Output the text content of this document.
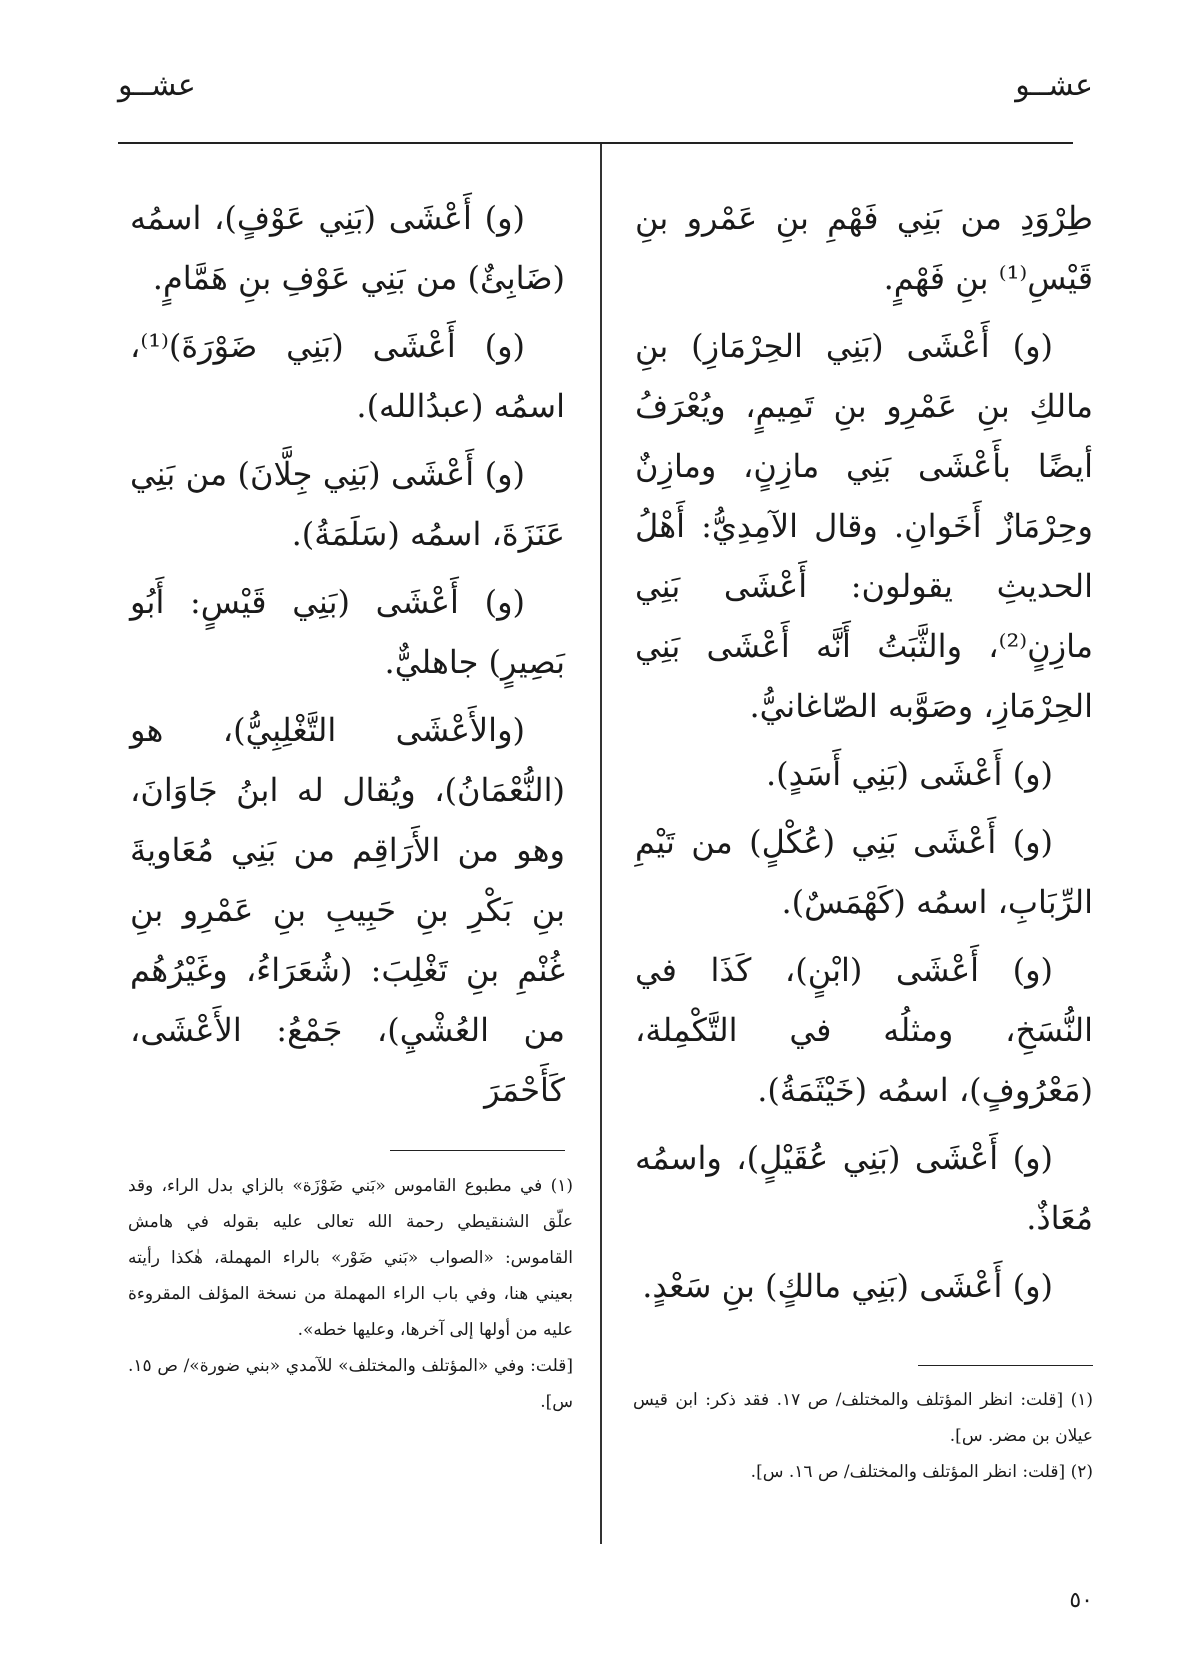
عشــو
عشــو

طِرْوَدِ من بَنِي فَهْمِ بنِ عَمْرو بنِ قَيْسِ⁽¹⁾ بنِ فَهْمٍ.

(و) أَعْشَى (بَنِي الحِرْمَازِ) بنِ مالكِ بنِ عَمْرِو بنِ تَمِيمٍ، ويُعْرَفُ أيضًا بأَعْشَى بَنِي مازِنٍ، ومازِنٌ وحِرْمَازٌ أَخَوانِ. وقال الآمِدِيُّ: أَهْلُ الحديثِ يقولون: أَعْشَى بَنِي مازِنٍ⁽²⁾، والثَّبَتُ أَنَّه أَعْشَى بَنِي الحِرْمَازِ، وصَوَّبه الصّاغانيُّ.

(و) أَعْشَى (بَنِي أَسَدٍ).

(و) أَعْشَى بَنِي (عُكْلٍ) من تَيْمِ الرِّبَابِ، اسمُه (كَهْمَسٌ).

(و) أَعْشَى (ابْنٍ)، كَذَا في النُّسَخِ، ومثلُه في التَّكْمِلة، (مَعْرُوفٍ)، اسمُه (خَيْثَمَةُ).

(و) أَعْشَى (بَنِي عُقَيْلٍ)، واسمُه مُعَاذٌ.

(و) أَعْشَى (بَنِي مالكٍ) بنِ سَعْدٍ.

(و) أَعْشَى (بَنِي عَوْفٍ)، اسمُه (ضَابِئٌ) من بَنِي عَوْفِ بنِ هَمَّامٍ.

(و) أَعْشَى (بَنِي ضَوْرَةَ)⁽¹⁾، اسمُه (عبدُالله).

(و) أَعْشَى (بَنِي جِلَّانَ) من بَنِي عَنَزَةَ، اسمُه (سَلَمَةُ).

(و) أَعْشَى (بَنِي قَيْسٍ: أَبُو بَصِيرٍ) جاهليٌّ.

(والأَعْشَى التَّغْلِبِيُّ)، هو (النُّعْمَانُ)، ويُقال له ابنُ جَاوَانَ، وهو من الأَرَاقِم من بَنِي مُعَاويةَ بنِ بَكْرِ بنِ حَبِيبِ بنِ عَمْرِو بنِ غُنْمِ بنِ تَغْلِبَ: (شُعَرَاءُ، وغَيْرُهُم من العُشْيِ)، جَمْعُ: الأَعْشَى، كَأَحْمَرَ

(١) [قلت: انظر المؤتلف والمختلف/ ص ١٧. فقد ذكر: ابن قيس عيلان بن مضر. س].

(٢) [قلت: انظر المؤتلف والمختلف/ ص ١٦. س].

(١) في مطبوع القاموس «بَني ضَوْزَة» بالزاي بدل الراء، وقد علّق الشنقيطي رحمة الله تعالى عليه بقوله في هامش القاموس: «الصواب «بَني ضَوْر» بالراء المهملة، هٰكذا رأيته بعيني هنا، وفي باب الراء المهملة من نسخة المؤلف المقروءة عليه من أولها إلى آخرها، وعليها خطه».

[قلت: وفي «المؤتلف والمختلف» للآمدي «بني ضورة»/ ص ١٥. س].

٥٠
